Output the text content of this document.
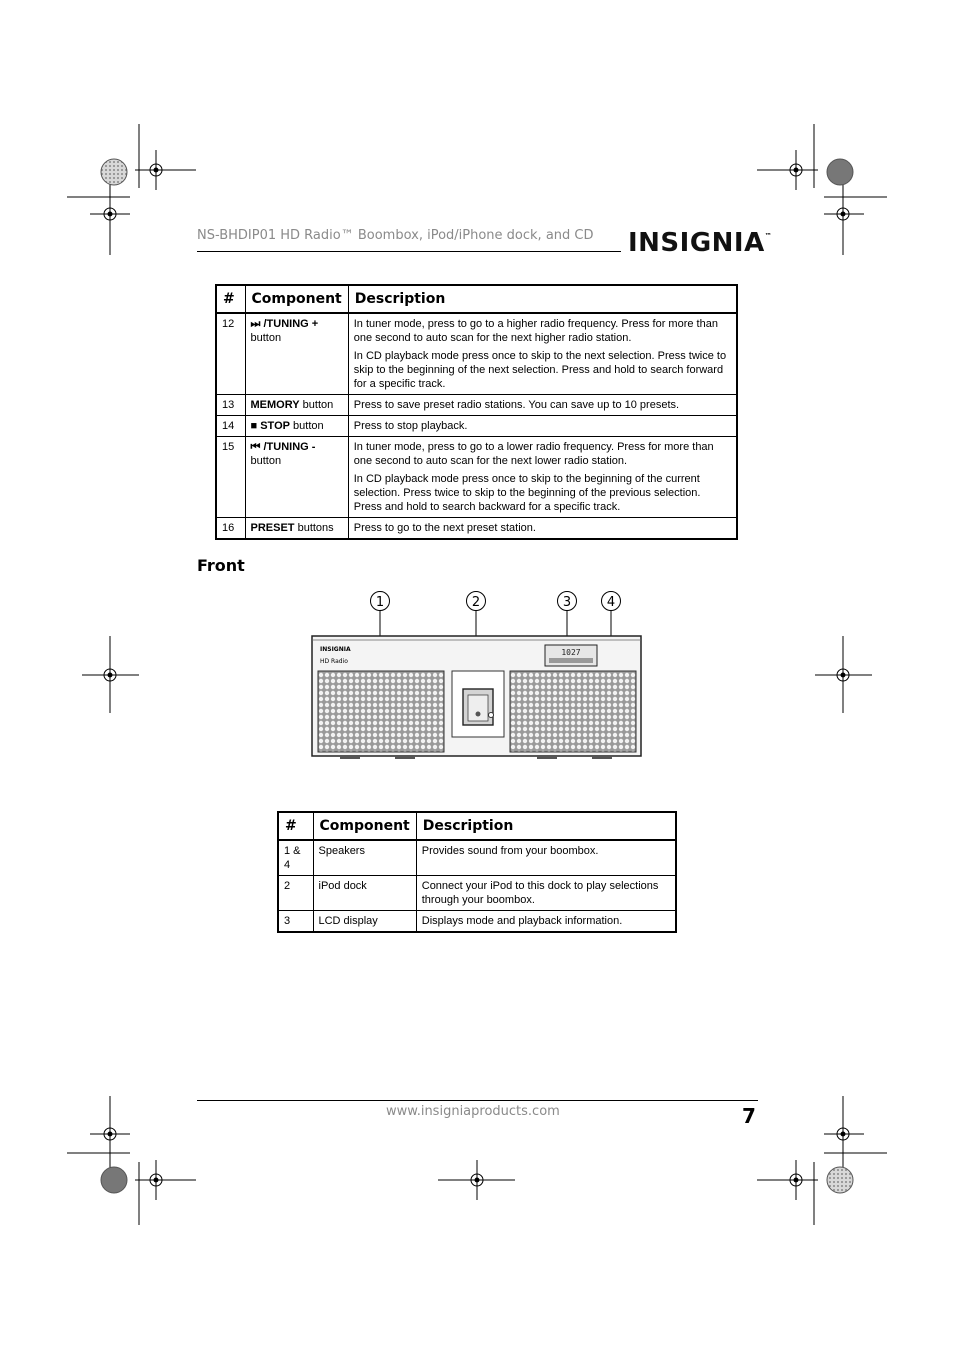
NS-BHDIP01 HD Radio™ Boombox, iPod/iPhone dock, and CD INSIGNIA™
#	Component	Description
12	⏭ /TUNING + button	In tuner mode, press to go to a higher radio frequency. Press for more than one second to auto scan for the next higher radio station.

In CD playback mode press once to skip to the next selection. Press twice to skip to the beginning of the next selection. Press and hold to search forward for a specific track.

13	MEMORY button	Press to save preset radio stations. You can save up to 10 presets.

14	■ STOP button	Press to stop playback.

15	⏮ /TUNING - button	In tuner mode, press to go to a lower radio frequency. Press for more than one second to auto scan for the next lower radio station.

In CD playback mode press once to skip to the beginning of the current selection. Press twice to skip to the beginning of the previous selection. Press and hold to search backward for a specific track.

16	PRESET buttons	Press to go to the next preset station.

Front
1	2	3	4
1027
INSIGNIA
HD Radio
#	Component	Description
1 & 4	Speakers	Provides sound from your boombox.
2	iPod dock	Connect your iPod to this dock to play selections through your boombox.
3	LCD display	Displays mode and playback information.
www.insigniaproducts.com	7
